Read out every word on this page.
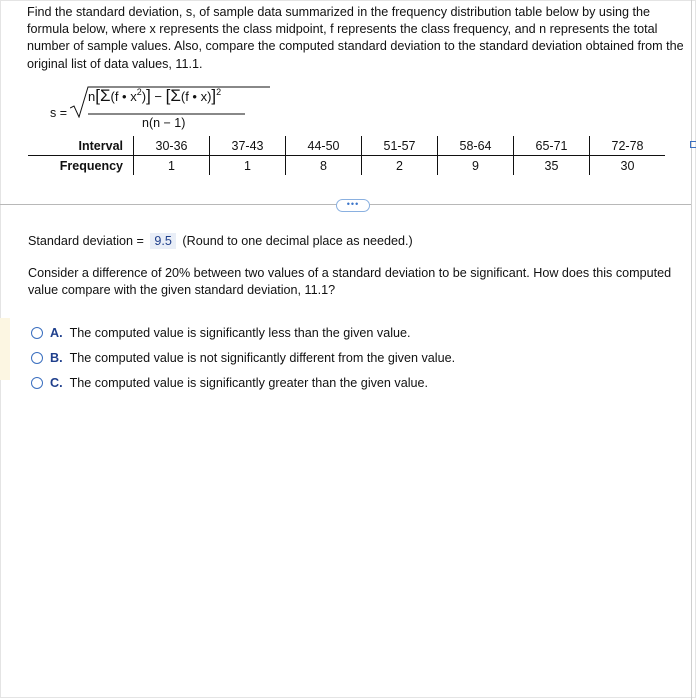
Find the standard deviation, s, of sample data summarized in the frequency distribution table below by using the formula below, where x represents the class midpoint, f represents the class frequency, and n represents the total number of sample values. Also, compare the computed standard deviation to the standard deviation obtained from the original list of data values, 11.1.
s =
n[Σ(f • $x^2)] - [\Sigma(f$ • x)]$^2$
n(n − 1)
Interval		30-36		37-43		44-50		51-57		58-64		65-71		72-78
Frequency		1		1		8		2		9		35		30
•••
Standard deviation = 9.5 (Round to one decimal place as needed.)
Consider a difference of 20% between two values of a standard deviation to be significant. How does this computed value compare with the given standard deviation, 11.1?
A. The computed value is significantly less than the given value.
B. The computed value is not significantly different from the given value.
C. The computed value is significantly greater than the given value.
